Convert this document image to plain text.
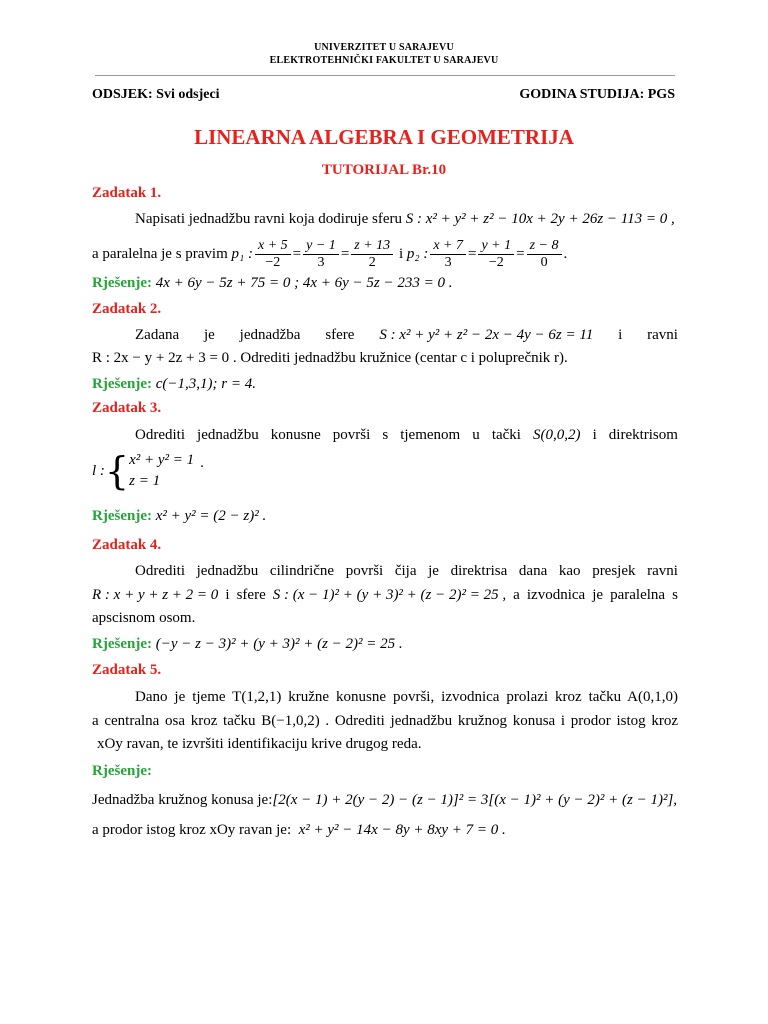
UNIVERZITET U SARAJEVU
ELEKTROTEHNIČKI FAKULTET U SARAJEVU
ODSJEK: Svi odsjeci	GODINA STUDIJA: PGS
LINEARNA ALGEBRA I GEOMETRIJA
TUTORIJAL Br.10
Zadatak 1.
Napisati jednadžbu ravni koja dodiruje sferu S : x² + y² + z² − 10x + 2y + 26z − 113 = 0 ,
a paralelna je s pravim
p₁ : $\frac{x + 5}{-2} = \frac{y - 1}{3} = \frac{z + 13}{2}$
i
p₂ : $\frac{x + 7}{3} = \frac{y + 1}{-2} = \frac{z - 8}{0}$ .
Rješenje: 4x + 6y − 5z + 75 = 0 ; 4x + 6y − 5z − 233 = 0 .
Zadatak 2.
Zadana je jednadžba sfere S : x² + y² + z² − 2x − 4y − 6z = 11 i ravni
R : 2x − y + 2z + 3 = 0 . Odrediti jednadžbu kružnice (centar c i poluprečnik r).
Rješenje: c(−1,3,1); r = 4.
Zadatak 3.
Odrediti jednadžbu konusne površi s tjemenom u tački S(0,0,2) i direktrisom
l : { x² + y² = 1
z = 1
.
Rješenje: x² + y² = (2 − z)² .
Zadatak 4.
Odrediti jednadžbu cilindrične površi čija je direktrisa dana kao presjek ravni
R : x + y + z + 2 = 0 i sfere S : (x − 1)² + (y + 3)² + (z − 2)² = 25 , a izvodnica je paralelna s
apscisnom osom.
Rješenje: (−y − z − 3)² + (y + 3)² + (z − 2)² = 25 .
Zadatak 5.
Dano je tjeme T(1,2,1) kružne konusne površi, izvodnica prolazi kroz tačku A(0,1,0)
a centralna osa kroz tačku B(−1,0,2) . Odrediti jednadžbu kružnog konusa i prodor istog kroz
xOy ravan, te izvršiti identifikaciju krive drugog reda.
Rješenje:
Jednadžba kružnog konusa je:[2(x − 1) + 2(y − 2) − (z − 1)]² = 3[(x − 1)² + (y − 2)² + (z − 1)²],
a prodor istog kroz xOy ravan je: x² + y² − 14x − 8y + 8xy + 7 = 0 .
